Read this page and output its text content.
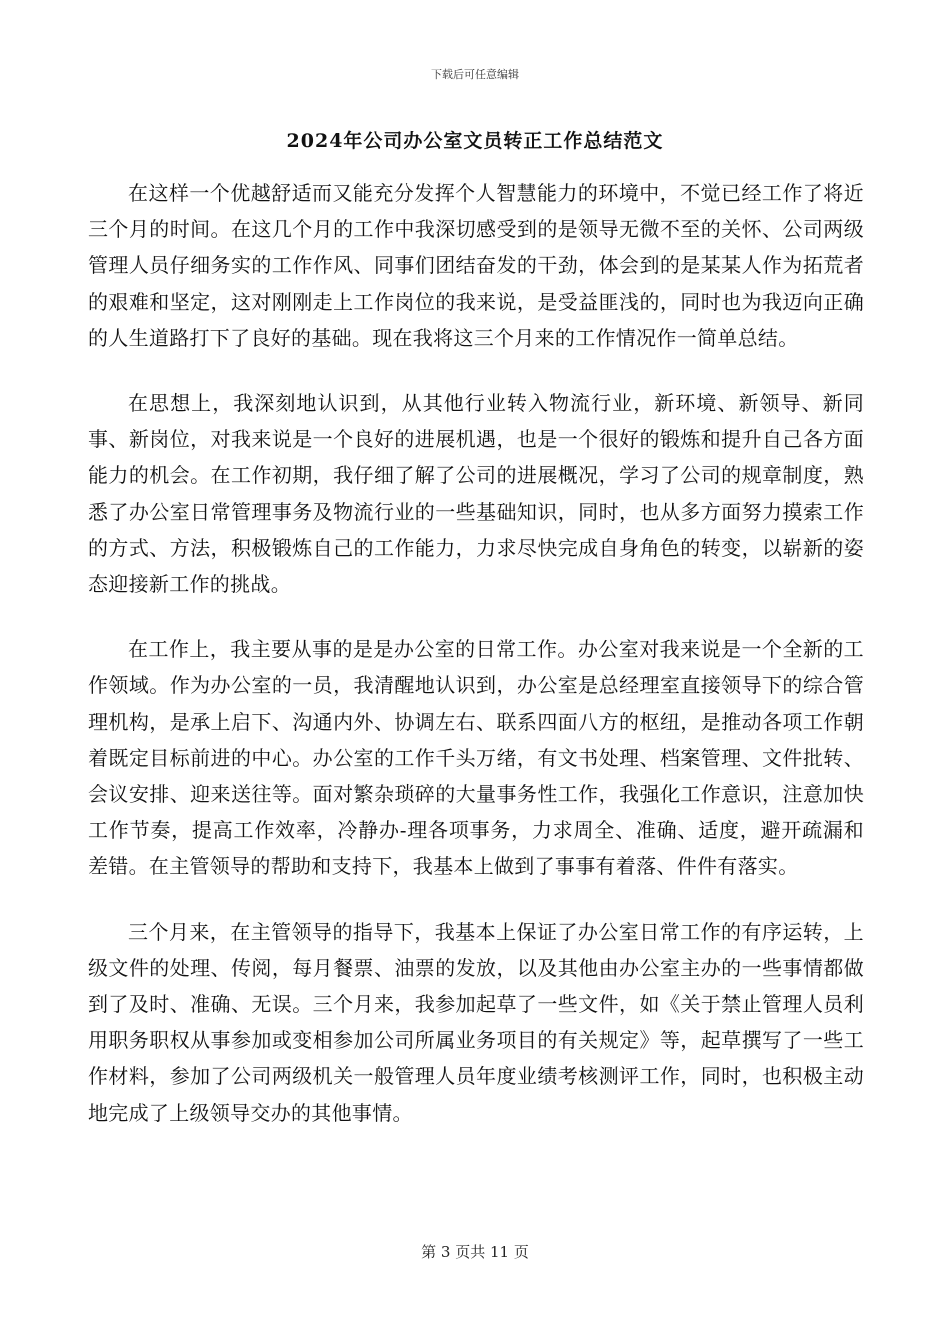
下载后可任意编辑
2024年公司办公室文员转正工作总结范文

在这样一个优越舒适而又能充分发挥个人智慧能力的环境中，不觉已经工作了将近三个月的时间。在这几个月的工作中我深切感受到的是领导无微不至的关怀、公司两级管理人员仔细务实的工作作风、同事们团结奋发的干劲，体会到的是某某人作为拓荒者的艰难和坚定，这对刚刚走上工作岗位的我来说，是受益匪浅的，同时也为我迈向正确的人生道路打下了良好的基础。现在我将这三个月来的工作情况作一简单总结。

在思想上，我深刻地认识到，从其他行业转入物流行业，新环境、新领导、新同事、新岗位，对我来说是一个良好的进展机遇，也是一个很好的锻炼和提升自己各方面能力的机会。在工作初期，我仔细了解了公司的进展概况，学习了公司的规章制度，熟悉了办公室日常管理事务及物流行业的一些基础知识，同时，也从多方面努力摸索工作的方式、方法，积极锻炼自己的工作能力，力求尽快完成自身角色的转变，以崭新的姿态迎接新工作的挑战。

在工作上，我主要从事的是是办公室的日常工作。办公室对我来说是一个全新的工作领域。作为办公室的一员，我清醒地认识到，办公室是总经理室直接领导下的综合管理机构，是承上启下、沟通内外、协调左右、联系四面八方的枢纽，是推动各项工作朝着既定目标前进的中心。办公室的工作千头万绪，有文书处理、档案管理、文件批转、会议安排、迎来送往等。面对繁杂琐碎的大量事务性工作，我强化工作意识，注意加快工作节奏，提高工作效率，冷静办-理各项事务，力求周全、准确、适度，避开疏漏和差错。在主管领导的帮助和支持下，我基本上做到了事事有着落、件件有落实。

三个月来，在主管领导的指导下，我基本上保证了办公室日常工作的有序运转，上级文件的处理、传阅，每月餐票、油票的发放，以及其他由办公室主办的一些事情都做到了及时、准确、无误。三个月来，我参加起草了一些文件，如《关于禁止管理人员利用职务职权从事参加或变相参加公司所属业务项目的有关规定》等，起草撰写了一些工作材料，参加了公司两级机关一般管理人员年度业绩考核测评工作，同时，也积极主动地完成了上级领导交办的其他事情。

第 3 页共 11 页
